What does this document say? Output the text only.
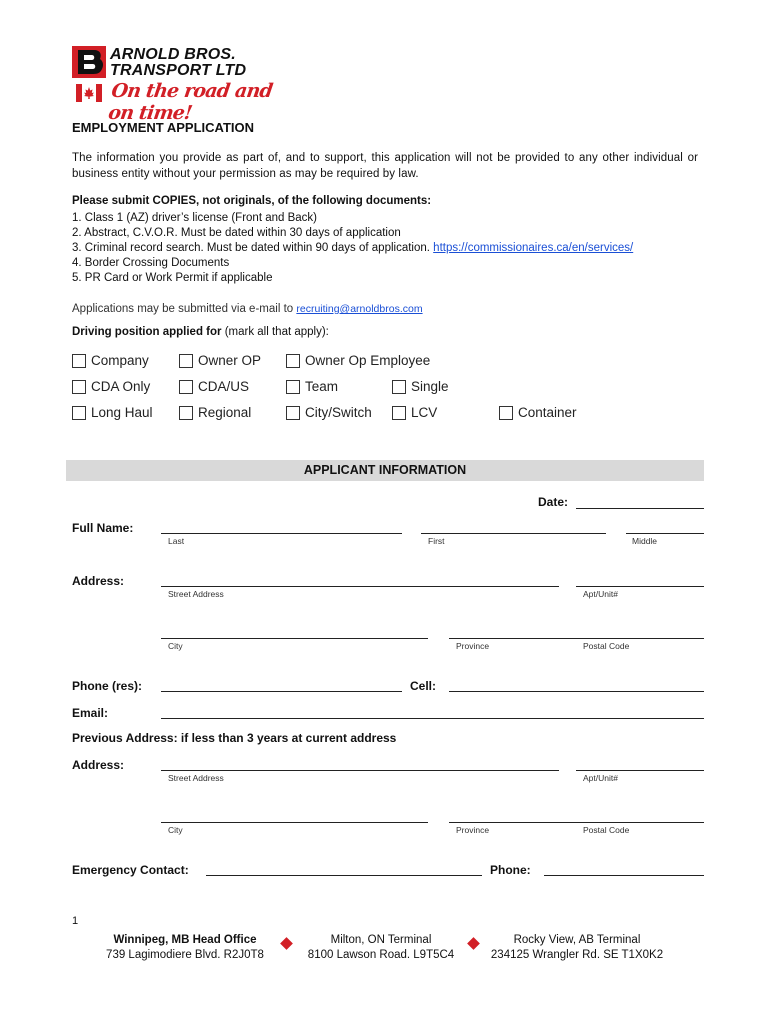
ARNOLD BROS.
TRANSPORT LTD
On the road and on time!
EMPLOYMENT APPLICATION

The information you provide as part of, and to support, this application will not be provided to any other individual or business entity without your permission as may be required by law.

Please submit COPIES, not originals, of the following documents:
1. Class 1 (AZ) driver’s license (Front and Back)
2. Abstract, C.V.O.R. Must be dated within 30 days of application
3. Criminal record search. Must be dated within 90 days of application. https://commissionaires.ca/en/services/
4. Border Crossing Documents
5. PR Card or Work Permit if applicable
Applications may be submitted via e-mail to recruiting@arnoldbros.com
Driving position applied for (mark all that apply):
Company	Owner OP	Owner Op Employee
CDA Only	CDA/US	Team	Single
Long Haul	Regional	City/Switch	LCV	Container
APPLICANT INFORMATION
Date:
Full Name:
Last	First	Middle
Address:
Street Address	Apt/Unit#
City	Province	Postal Code
Phone (res):	Cell:
Email:
Previous Address: if less than 3 years at current address
Address:
Street Address	Apt/Unit#
City	Province	Postal Code
Emergency Contact:	Phone:
1
Winnipeg, MB Head Office
739 Lagimodiere Blvd. R2J0T8
Milton, ON Terminal
8100 Lawson Road. L9T5C4
Rocky View, AB Terminal
234125 Wrangler Rd. SE T1X0K2
